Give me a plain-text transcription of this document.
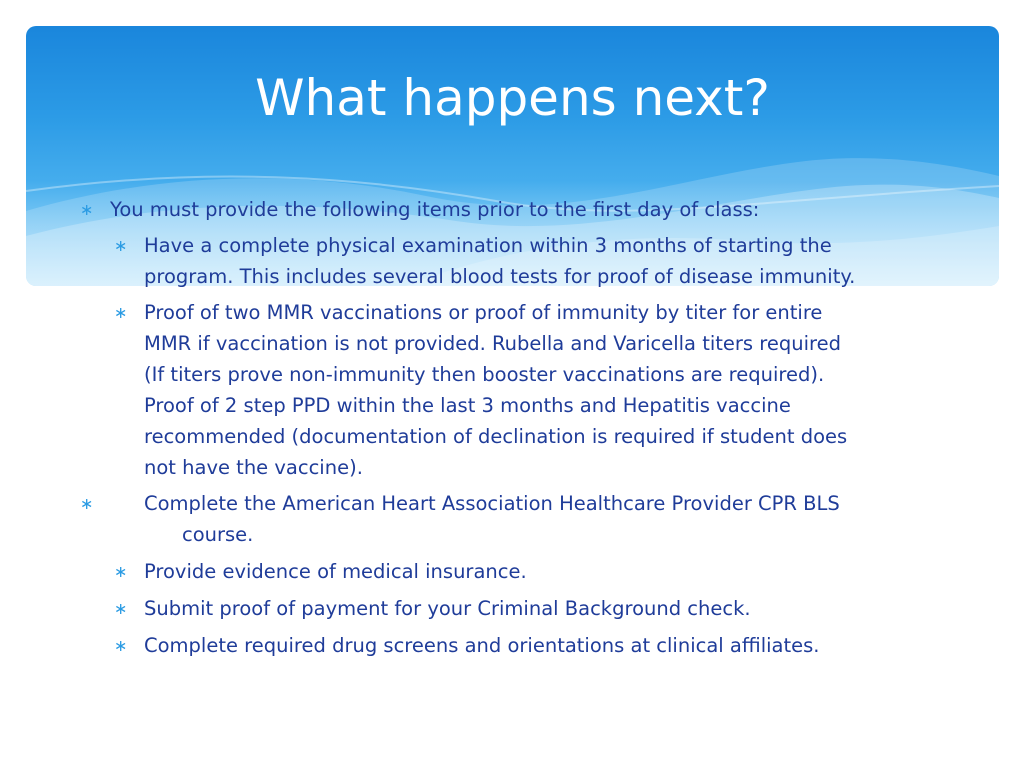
What happens next?
∗ You must provide the following items prior to the first day of class:
∗ Have a complete physical examination within 3 months of starting the
program. This includes several blood tests for proof of disease immunity.
∗ Proof of two MMR vaccinations or proof of immunity by titer for entire
MMR if vaccination is not provided. Rubella and Varicella titers required
(If titers prove non-immunity then booster vaccinations are required).
Proof of 2 step PPD within the last 3 months and Hepatitis vaccine
recommended (documentation of declination is required if student does
not have the vaccine).
∗	Complete the American Heart Association Healthcare Provider CPR BLS
course.
∗ Provide evidence of medical insurance.
∗ Submit proof of payment for your Criminal Background check.
∗ Complete required drug screens and orientations at clinical affiliates.
